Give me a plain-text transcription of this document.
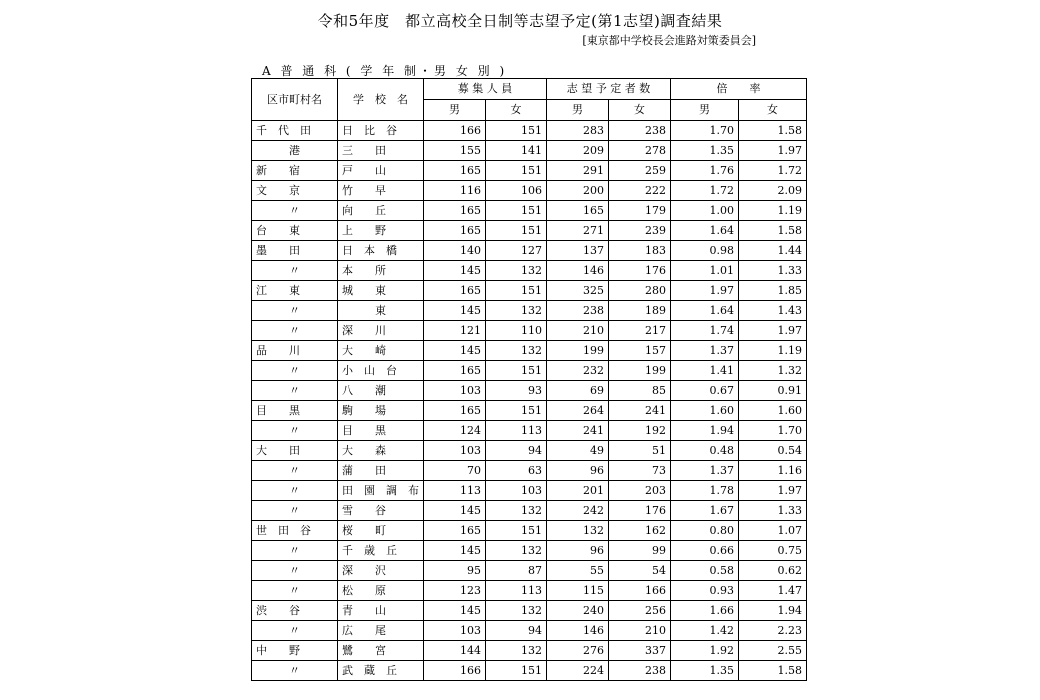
令和5年度　都立高校全日制等志望予定(第1志望)調査結果
[東京都中学校長会進路対策委員会]
A 普 通 科 ( 学 年 制・男 女 別 )
区市町村名	学　校　名	募 集 人 員		志 望 予 定 者 数		倍　　率	
		男	女	男	女	男	女
千　代　田	日　比　谷	166	151	283	238	1.70	1.58
港	三　　田	155	141	209	278	1.35	1.97
新　　宿	戸　　山	165	151	291	259	1.76	1.72
文　　京	竹　　早	116	106	200	222	1.72	2.09
〃	向　　丘	165	151	165	179	1.00	1.19
台　　東	上　　野	165	151	271	239	1.64	1.58
墨　　田	日　本　橋	140	127	137	183	0.98	1.44
〃	本　　所	145	132	146	176	1.01	1.33
江　　東	城　　東	165	151	325	280	1.97	1.85
〃	東	145	132	238	189	1.64	1.43
〃	深　　川	121	110	210	217	1.74	1.97
品　　川	大　　崎	145	132	199	157	1.37	1.19
〃	小　山　台	165	151	232	199	1.41	1.32
〃	八　　潮	103	93	69	85	0.67	0.91
目　　黒	駒　　場	165	151	264	241	1.60	1.60
〃	目　　黒	124	113	241	192	1.94	1.70
大　　田	大　　森	103	94	49	51	0.48	0.54
〃	蒲　　田	70	63	96	73	1.37	1.16
〃	田　園　調　布	113	103	201	203	1.78	1.97
〃	雪　　谷	145	132	242	176	1.67	1.33
世　田　谷	桜　　町	165	151	132	162	0.80	1.07
〃	千　歳　丘	145	132	96	99	0.66	0.75
〃	深　　沢	95	87	55	54	0.58	0.62
〃	松　　原	123	113	115	166	0.93	1.47
渋　　谷	青　　山	145	132	240	256	1.66	1.94
〃	広　　尾	103	94	146	210	1.42	2.23
中　　野	鷺　　宮	144	132	276	337	1.92	2.55
〃	武　蔵　丘	166	151	224	238	1.35	1.58
